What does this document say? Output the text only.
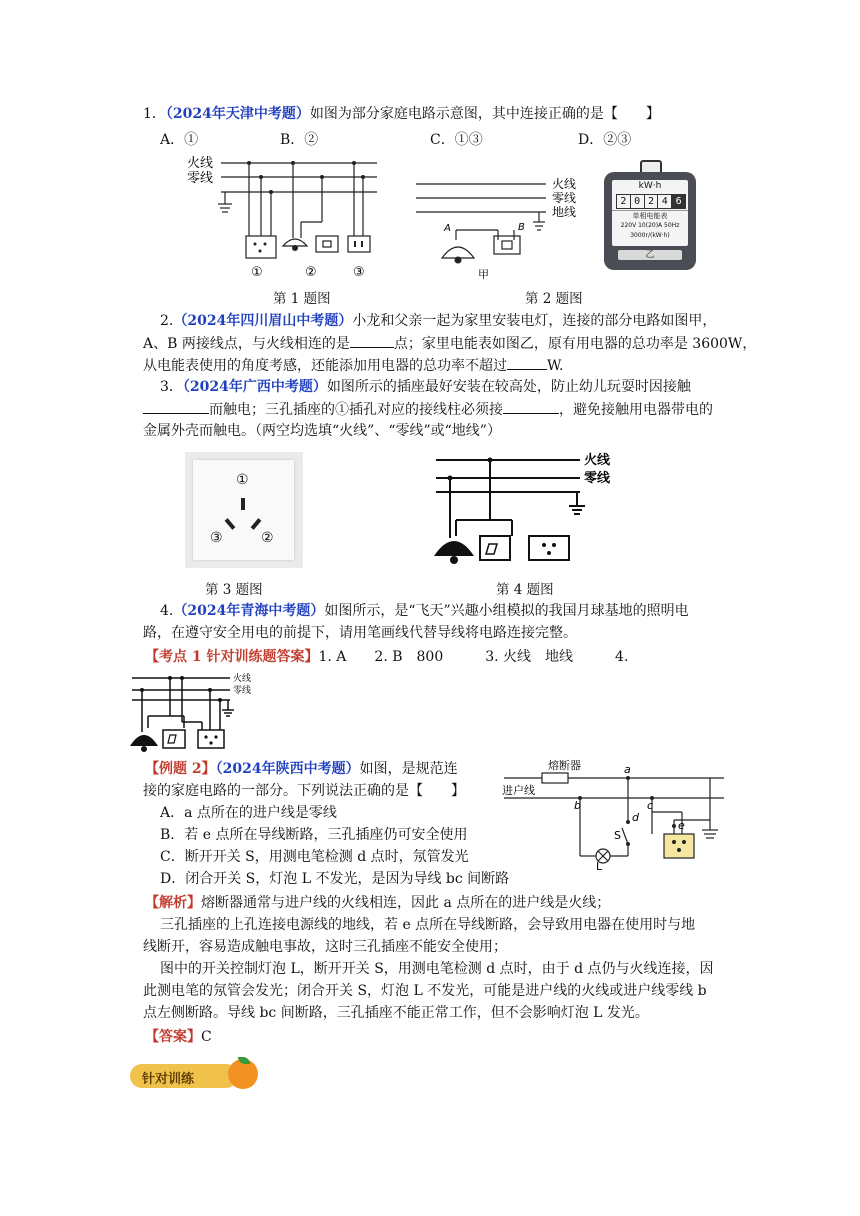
1．（2024年天津中考题）如图为部分家庭电路示意图，其中连接正确的是【　　】
A．①	B．②	C．①③	D．②③
火线
零线
①	②	③
火线
零线
地线
A	B
甲
kW·h
2 0 2 4 6
单相电能表
220V 10(20)A 50Hz
3000r/(kW·h)
乙
第 1 题图	第 2 题图
2.（2024年四川眉山中考题）小龙和父亲一起为家里安装电灯，连接的部分电路如图甲，
A、B 两接线点，与火线相连的是	点；家里电能表如图乙，原有用电器的总功率是 3600W，
从电能表使用的角度考感，还能添加用电器的总功率不超过	W.
3．（2024年广西中考题）如图所示的插座最好安装在较高处，防止幼儿玩耍时因接触
而触电；三孔插座的①插孔对应的接线柱必须接	，避免接触用电器带电的
金属外壳而触电。（两空均选填“火线”、“零线”或“地线”）
①
③	②
火线
零线
第 3 题图	第 4 题图
4.（2024年青海中考题）如图所示，是“飞天”兴趣小组模拟的我国月球基地的照明电
路，在遵守安全用电的前提下，请用笔画线代替导线将电路连接完整。
【考点 1 针对训练题答案】1. A　　2. B　800　　　3. 火线　地线　　　4.
火线
零线
【例题 2】（2024年陕西中考题）如图，是规范连
接的家庭电路的一部分。下列说法正确的是【　　】
A．a 点所在的进户线是零线
B．若 e 点所在导线断路，三孔插座仍可安全使用
C．断开开关 S，用测电笔检测 d 点时，氖管发光
D．闭合开关 S，灯泡 L 不发光，是因为导线 bc 间断路
熔断器
进户线
a
b	c
d
e
S
L
【解析】熔断器通常与进户线的火线相连，因此 a 点所在的进户线是火线；
三孔插座的上孔连接电源线的地线，若 e 点所在导线断路，会导致用电器在使用时与地
线断开，容易造成触电事故，这时三孔插座不能安全使用；
图中的开关控制灯泡 L，断开开关 S，用测电笔检测 d 点时，由于 d 点仍与火线连接，因
此测电笔的氖管会发光；闭合开关 S，灯泡 L 不发光，可能是进户线的火线或进户线零线 b
点左侧断路。导线 bc 间断路，三孔插座不能正常工作，但不会影响灯泡 L 发光。
【答案】C
针对训练
